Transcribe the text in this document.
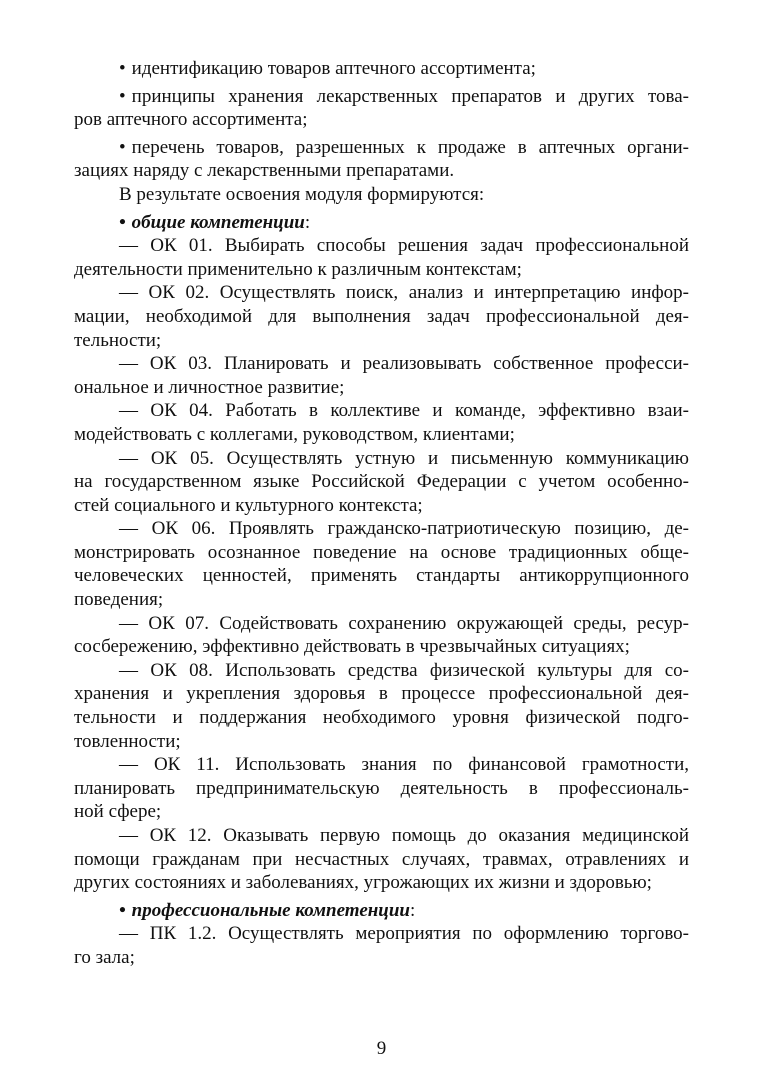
• идентификацию товаров аптечного ассортимента;
• принципы хранения лекарственных препаратов и других това-
ров аптечного ассортимента;
• перечень товаров, разрешенных к продаже в аптечных органи-
зациях наряду с лекарственными препаратами.
В результате освоения модуля формируются:
• общие компетенции:
— ОК 01. Выбирать способы решения задач профессиональной
деятельности применительно к различным контекстам;
— ОК 02. Осуществлять поиск, анализ и интерпретацию инфор-
мации, необходимой для выполнения задач профессиональной дея-
тельности;
— ОК 03. Планировать и реализовывать собственное професси-
ональное и личностное развитие;
— ОК 04. Работать в коллективе и команде, эффективно взаи-
модействовать с коллегами, руководством, клиентами;
— ОК 05. Осуществлять устную и письменную коммуникацию
на государственном языке Российской Федерации с учетом особенно-
стей социального и культурного контекста;
— ОК 06. Проявлять гражданско-патриотическую позицию, де-
монстрировать осознанное поведение на основе традиционных обще-
человеческих ценностей, применять стандарты антикоррупционного
поведения;
— ОК 07. Содействовать сохранению окружающей среды, ресур-
сосбережению, эффективно действовать в чрезвычайных ситуациях;
— ОК 08. Использовать средства физической культуры для со-
хранения и укрепления здоровья в процессе профессиональной дея-
тельности и поддержания необходимого уровня физической подго-
товленности;
— ОК 11. Использовать знания по финансовой грамотности,
планировать предпринимательскую деятельность в профессиональ-
ной сфере;
— ОК 12. Оказывать первую помощь до оказания медицинской
помощи гражданам при несчастных случаях, травмах, отравлениях и
других состояниях и заболеваниях, угрожающих их жизни и здоровью;
• профессиональные компетенции:
— ПК 1.2. Осуществлять мероприятия по оформлению торгово-
го зала;
9
